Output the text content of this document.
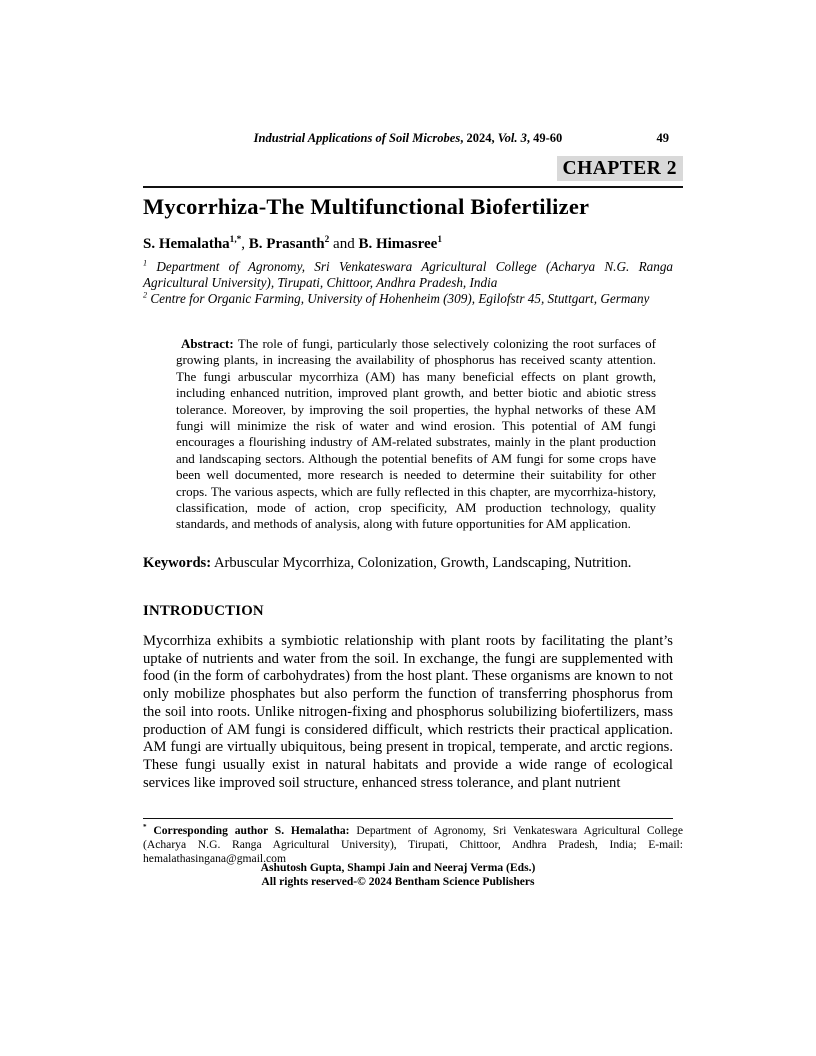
Industrial Applications of Soil Microbes, 2024, Vol. 3, 49-60	49
CHAPTER 2
Mycorrhiza-The Multifunctional Biofertilizer
S. Hemalatha$^{1,*}$, B. Prasanth$^2$ and B. Himasree$^1$
$^1$ Department of Agronomy, Sri Venkateswara Agricultural College (Acharya N.G. Ranga Agricultural University), Tirupati, Chittoor, Andhra Pradesh, India
$^2$ Centre for Organic Farming, University of Hohenheim (309), Egilofstr 45, Stuttgart, Germany
Abstract: The role of fungi, particularly those selectively colonizing the root surfaces of growing plants, in increasing the availability of phosphorus has received scanty attention. The fungi arbuscular mycorrhiza (AM) has many beneficial effects on plant growth, including enhanced nutrition, improved plant growth, and better biotic and abiotic stress tolerance. Moreover, by improving the soil properties, the hyphal networks of these AM fungi will minimize the risk of water and wind erosion. This potential of AM fungi encourages a flourishing industry of AM-related substrates, mainly in the plant production and landscaping sectors. Although the potential benefits of AM fungi for some crops have been well documented, more research is needed to determine their suitability for other crops. The various aspects, which are fully reflected in this chapter, are mycorrhiza-history, classification, mode of action, crop specificity, AM production technology, quality standards, and methods of analysis, along with future opportunities for AM application.
Keywords: Arbuscular Mycorrhiza, Colonization, Growth, Landscaping, Nutrition.
INTRODUCTION

Mycorrhiza exhibits a symbiotic relationship with plant roots by facilitating the plant’s uptake of nutrients and water from the soil. In exchange, the fungi are supplemented with food (in the form of carbohydrates) from the host plant. These organisms are known to not only mobilize phosphates but also perform the function of transferring phosphorus from the soil into roots. Unlike nitrogen-fixing and phosphorus solubilizing biofertilizers, mass production of AM fungi is considered difficult, which restricts their practical application. AM fungi are virtually ubiquitous, being present in tropical, temperate, and arctic regions. These fungi usually exist in natural habitats and provide a wide range of ecological services like improved soil structure, enhanced stress tolerance, and plant nutrient

* Corresponding author S. Hemalatha: Department of Agronomy, Sri Venkateswara Agricultural College (Acharya N.G. Ranga Agricultural University), Tirupati, Chittoor, Andhra Pradesh, India; E-mail: hemalathasingana@gmail.com
Ashutosh Gupta, Shampi Jain and Neeraj Verma (Eds.)
All rights reserved-© 2024 Bentham Science Publishers
